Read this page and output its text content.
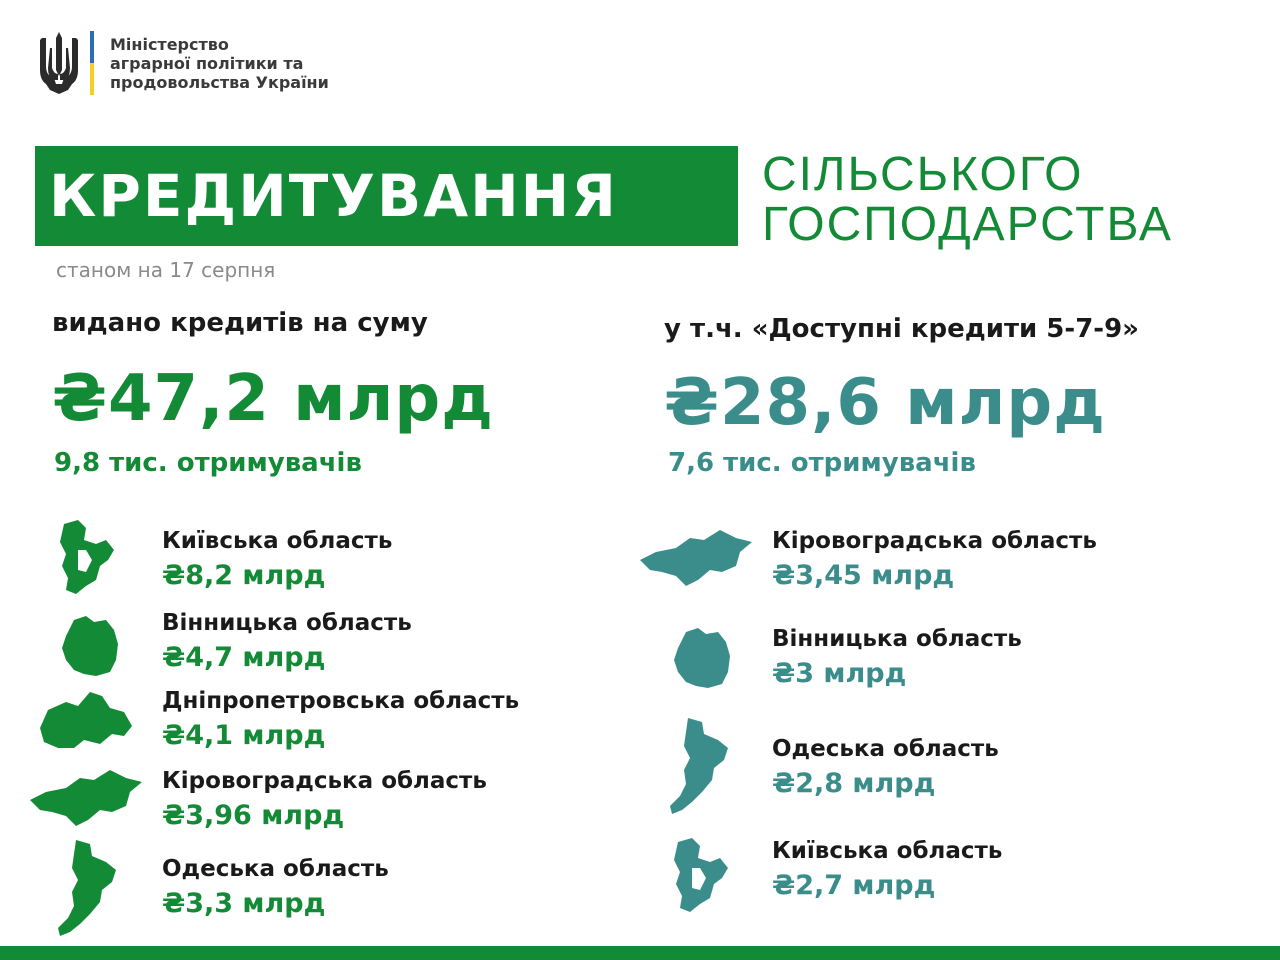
Міністерство
аграрної політики та
продовольства України
КРЕДИТУВАННЯ	СІЛЬСЬКОГО
ГОСПОДАРСТВА
станом на 17 серпня
видано кредитів на суму
₴47,2 млрд
9,8 тис. отримувачів
у т.ч. «Доступні кредити 5-7-9»
₴28,6 млрд
7,6 тис. отримувачів
Київська область
₴8,2 млрд
Вінницька область
₴4,7 млрд
Дніпропетровська область
₴4,1 млрд
Кіровоградська область
₴3,96 млрд
Одеська область
₴3,3 млрд
Кіровоградська область
₴3,45 млрд
Вінницька область
₴3 млрд
Одеська область
₴2,8 млрд
Київська область
₴2,7 млрд
